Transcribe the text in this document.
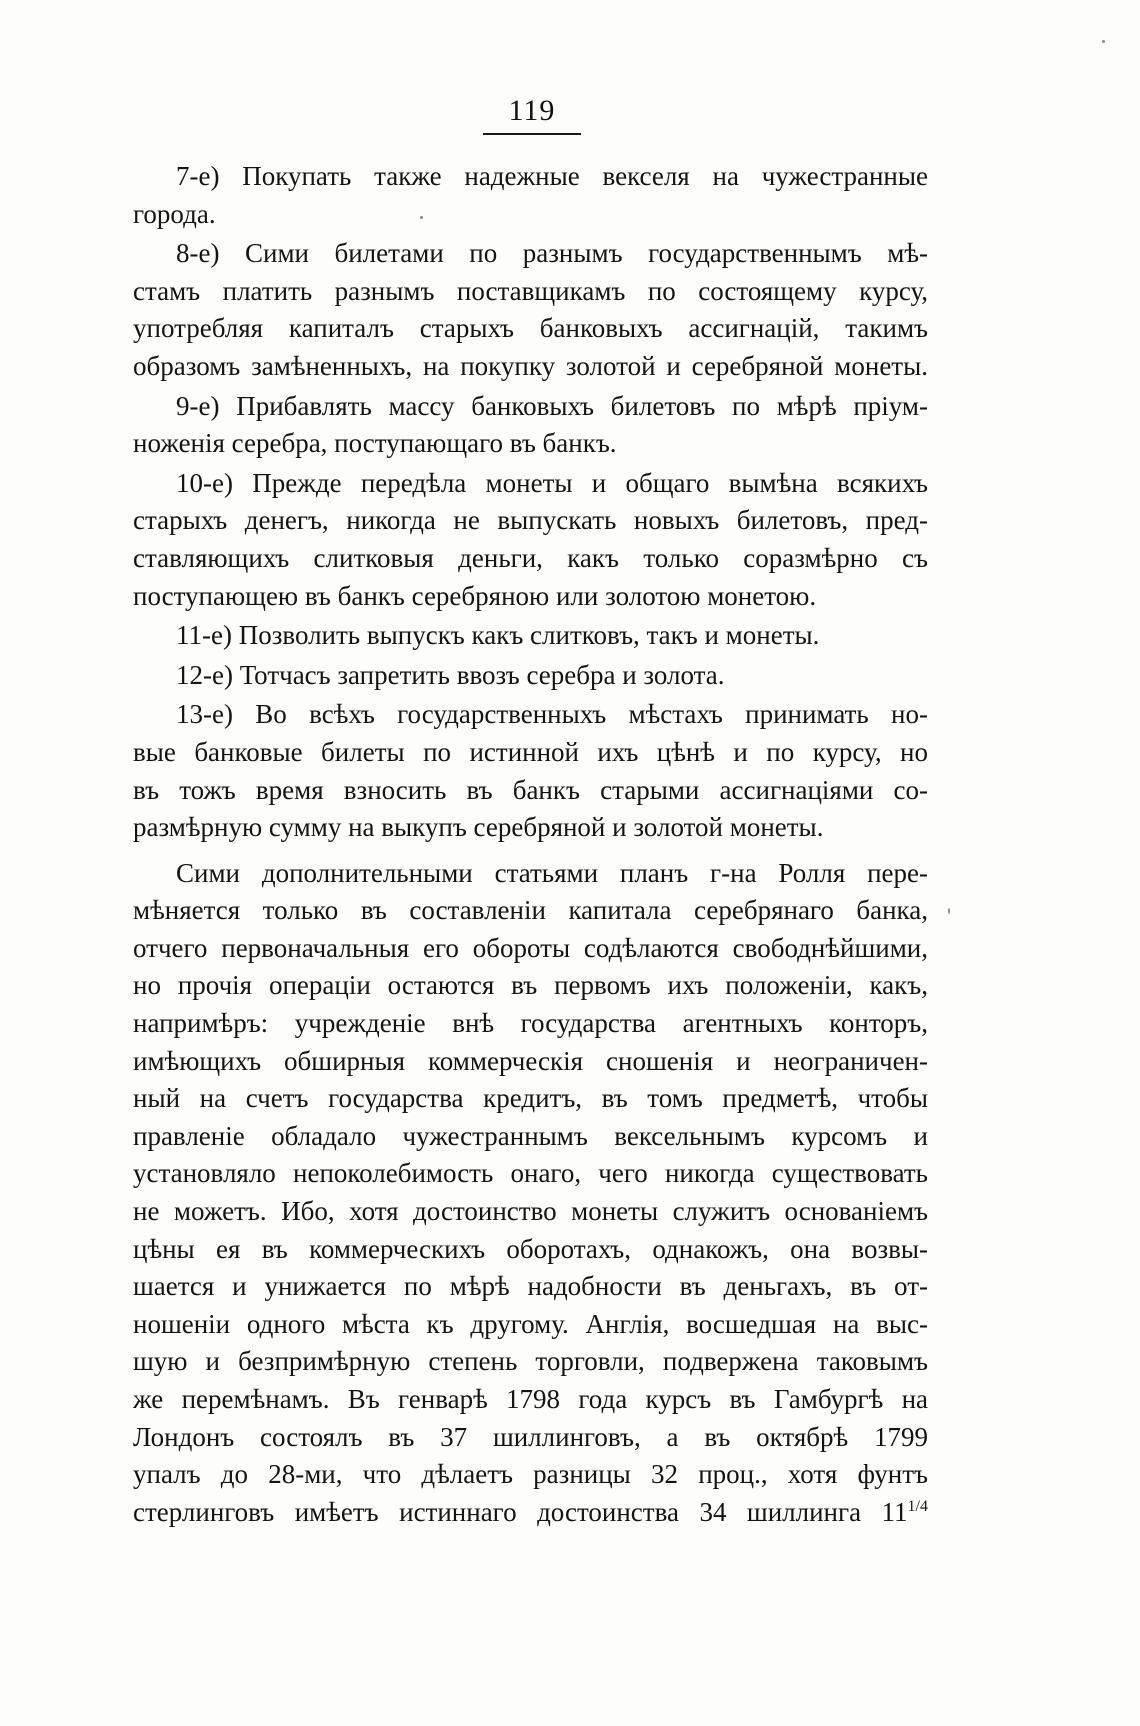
119
7-е) Покупать также надежные векселя на чужестранные
города.
8-е) Сими билетами по разнымъ государственнымъ мѣ-
стамъ платить разнымъ поставщикамъ по состоящему курсу,
употребляя капиталъ старыхъ банковыхъ ассигнацій, такимъ
образомъ замѣненныхъ, на покупку золотой и серебряной монеты.
9-е) Прибавлять массу банковыхъ билетовъ по мѣрѣ пріум-
ноженія серебра, поступающаго въ банкъ.
10-е) Прежде передѣла монеты и общаго вымѣна всякихъ
старыхъ денегъ, никогда не выпускать новыхъ билетовъ, пред-
ставляющихъ слитковыя деньги, какъ только соразмѣрно съ
поступающею въ банкъ серебряною или золотою монетою.
11-е) Позволить выпускъ какъ слитковъ, такъ и монеты.
12-е) Тотчасъ запретить ввозъ серебра и золота.
13-е) Во всѣхъ государственныхъ мѣстахъ принимать но-
вые банковые билеты по истинной ихъ цѣнѣ и по курсу, но
въ тожъ время взносить въ банкъ старыми ассигнаціями со-
размѣрную сумму на выкупъ серебряной и золотой монеты.
Сими дополнительными статьями планъ г-на Ролля пере-
мѣняется только въ составленіи капитала серебрянаго банка,
отчего первоначальныя его обороты содѣлаются свободнѣйшими,
но прочія операціи остаются въ первомъ ихъ положеніи, какъ,
напримѣръ: учрежденіе внѣ государства агентныхъ конторъ,
имѣющихъ обширныя коммерческія сношенія и неограничен-
ный на счетъ государства кредитъ, въ томъ предметѣ, чтобы
правленіе обладало чужестраннымъ вексельнымъ курсомъ и
установляло непоколебимость онаго, чего никогда существовать
не можетъ. Ибо, хотя достоинство монеты служитъ основаніемъ
цѣны ея въ коммерческихъ оборотахъ, однакожъ, она возвы-
шается и унижается по мѣрѣ надобности въ деньгахъ, въ от-
ношеніи одного мѣста къ другому. Англія, восшедшая на выс-
шую и безпримѣрную степень торговли, подвержена таковымъ
же перемѣнамъ. Въ генварѣ 1798 года курсъ въ Гамбургѣ на
Лондонъ состоялъ въ 37 шиллинговъ, а въ октябрѣ 1799
упалъ до 28-ми, что дѣлаетъ разницы 32 проц., хотя фунтъ
стерлинговъ имѣетъ истиннаго достоинства 34 шиллинга $11^{1/4}$
